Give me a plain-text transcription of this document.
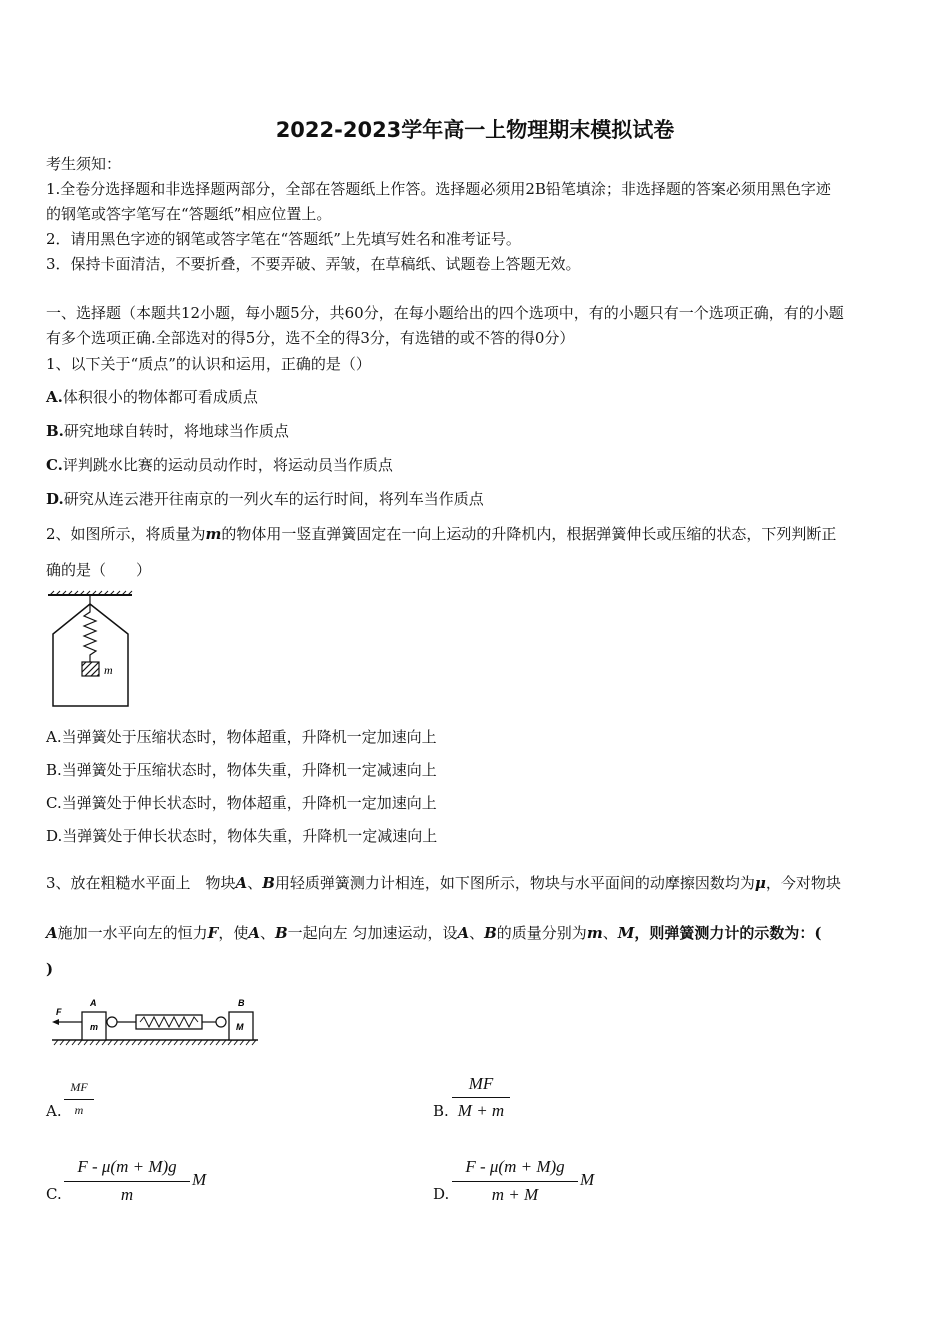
2022-2023学年高一上物理期末模拟试卷
考生须知：
1.全卷分选择题和非选择题两部分，全部在答题纸上作答。选择题必须用2B铅笔填涂；非选择题的答案必须用黑色字迹
的钢笔或答字笔写在“答题纸”相应位置上。
2．请用黑色字迹的钢笔或答字笔在“答题纸”上先填写姓名和准考证号。
3．保持卡面清洁，不要折叠，不要弄破、弄皱，在草稿纸、试题卷上答题无效。
一、选择题（本题共12小题，每小题5分，共60分，在每小题给出的四个选项中，有的小题只有一个选项正确，有的小题
有多个选项正确.全部选对的得5分，选不全的得3分，有选错的或不答的得0分）
1、以下关于“质点”的认识和运用，正确的是（）
A.体积很小的物体都可看成质点
B.研究地球自转时，将地球当作质点
C.评判跳水比赛的运动员动作时，将运动员当作质点
D.研究从连云港开往南京的一列火车的运行时间，将列车当作质点
2、如图所示，将质量为m的物体用一竖直弹簧固定在一向上运动的升降机内，根据弹簧伸长或压缩的状态，下列判断正
确的是（　　）
m
A.当弹簧处于压缩状态时，物体超重，升降机一定加速向上
B.当弹簧处于压缩状态时，物体失重，升降机一定减速向上
C.当弹簧处于伸长状态时，物体超重，升降机一定加速向上
D.当弹簧处于伸长状态时，物体失重，升降机一定减速向上
3、放在粗糙水平面上　物块A、B用轻质弹簧测力计相连，如下图所示，物块与水平面间的动摩擦因数均为μ，今对物块
A施加一水平向左的恒力F，使A、B一起向左 匀加速运动，设A、B的质量分别为m、M，则弹簧测力计的示数为：(
)
F
A
m
B
M
A.
MF
m	B.
MF
M + m
C.
F - μ(m + M)g
m
M
D.
F - μ(m + M)g
m + M
M
